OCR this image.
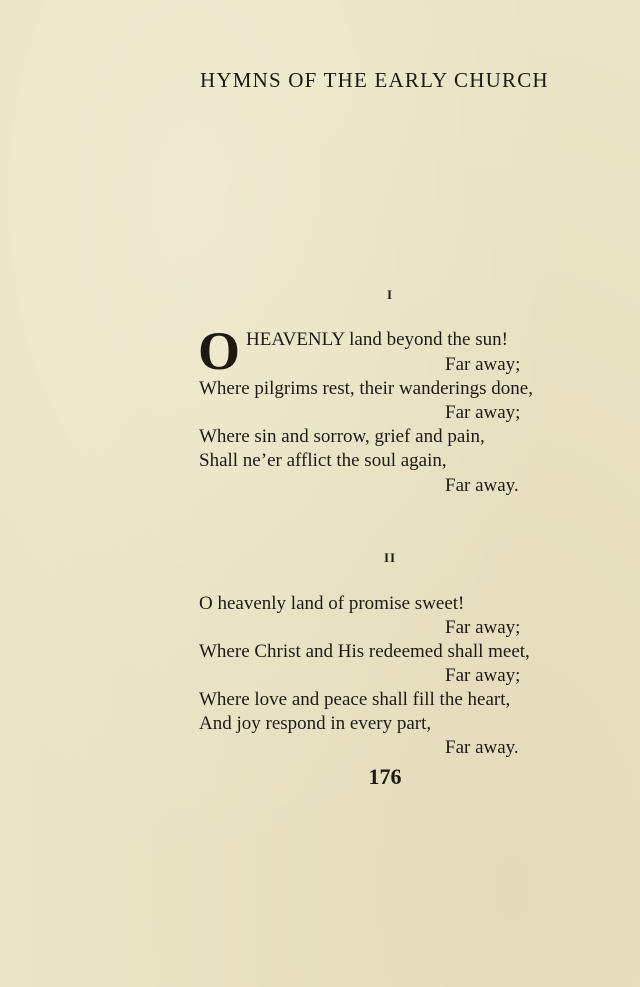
HYMNS OF THE EARLY CHURCH
I
O HEAVENLY land beyond the sun!
Far away;
Where pilgrims rest, their wanderings done,
Far away;
Where sin and sorrow, grief and pain,
Shall ne’er afflict the soul again,
Far away.
II
O heavenly land of promise sweet!
Far away;
Where Christ and His redeemed shall meet,
Far away;
Where love and peace shall fill the heart,
And joy respond in every part,
Far away.
176
